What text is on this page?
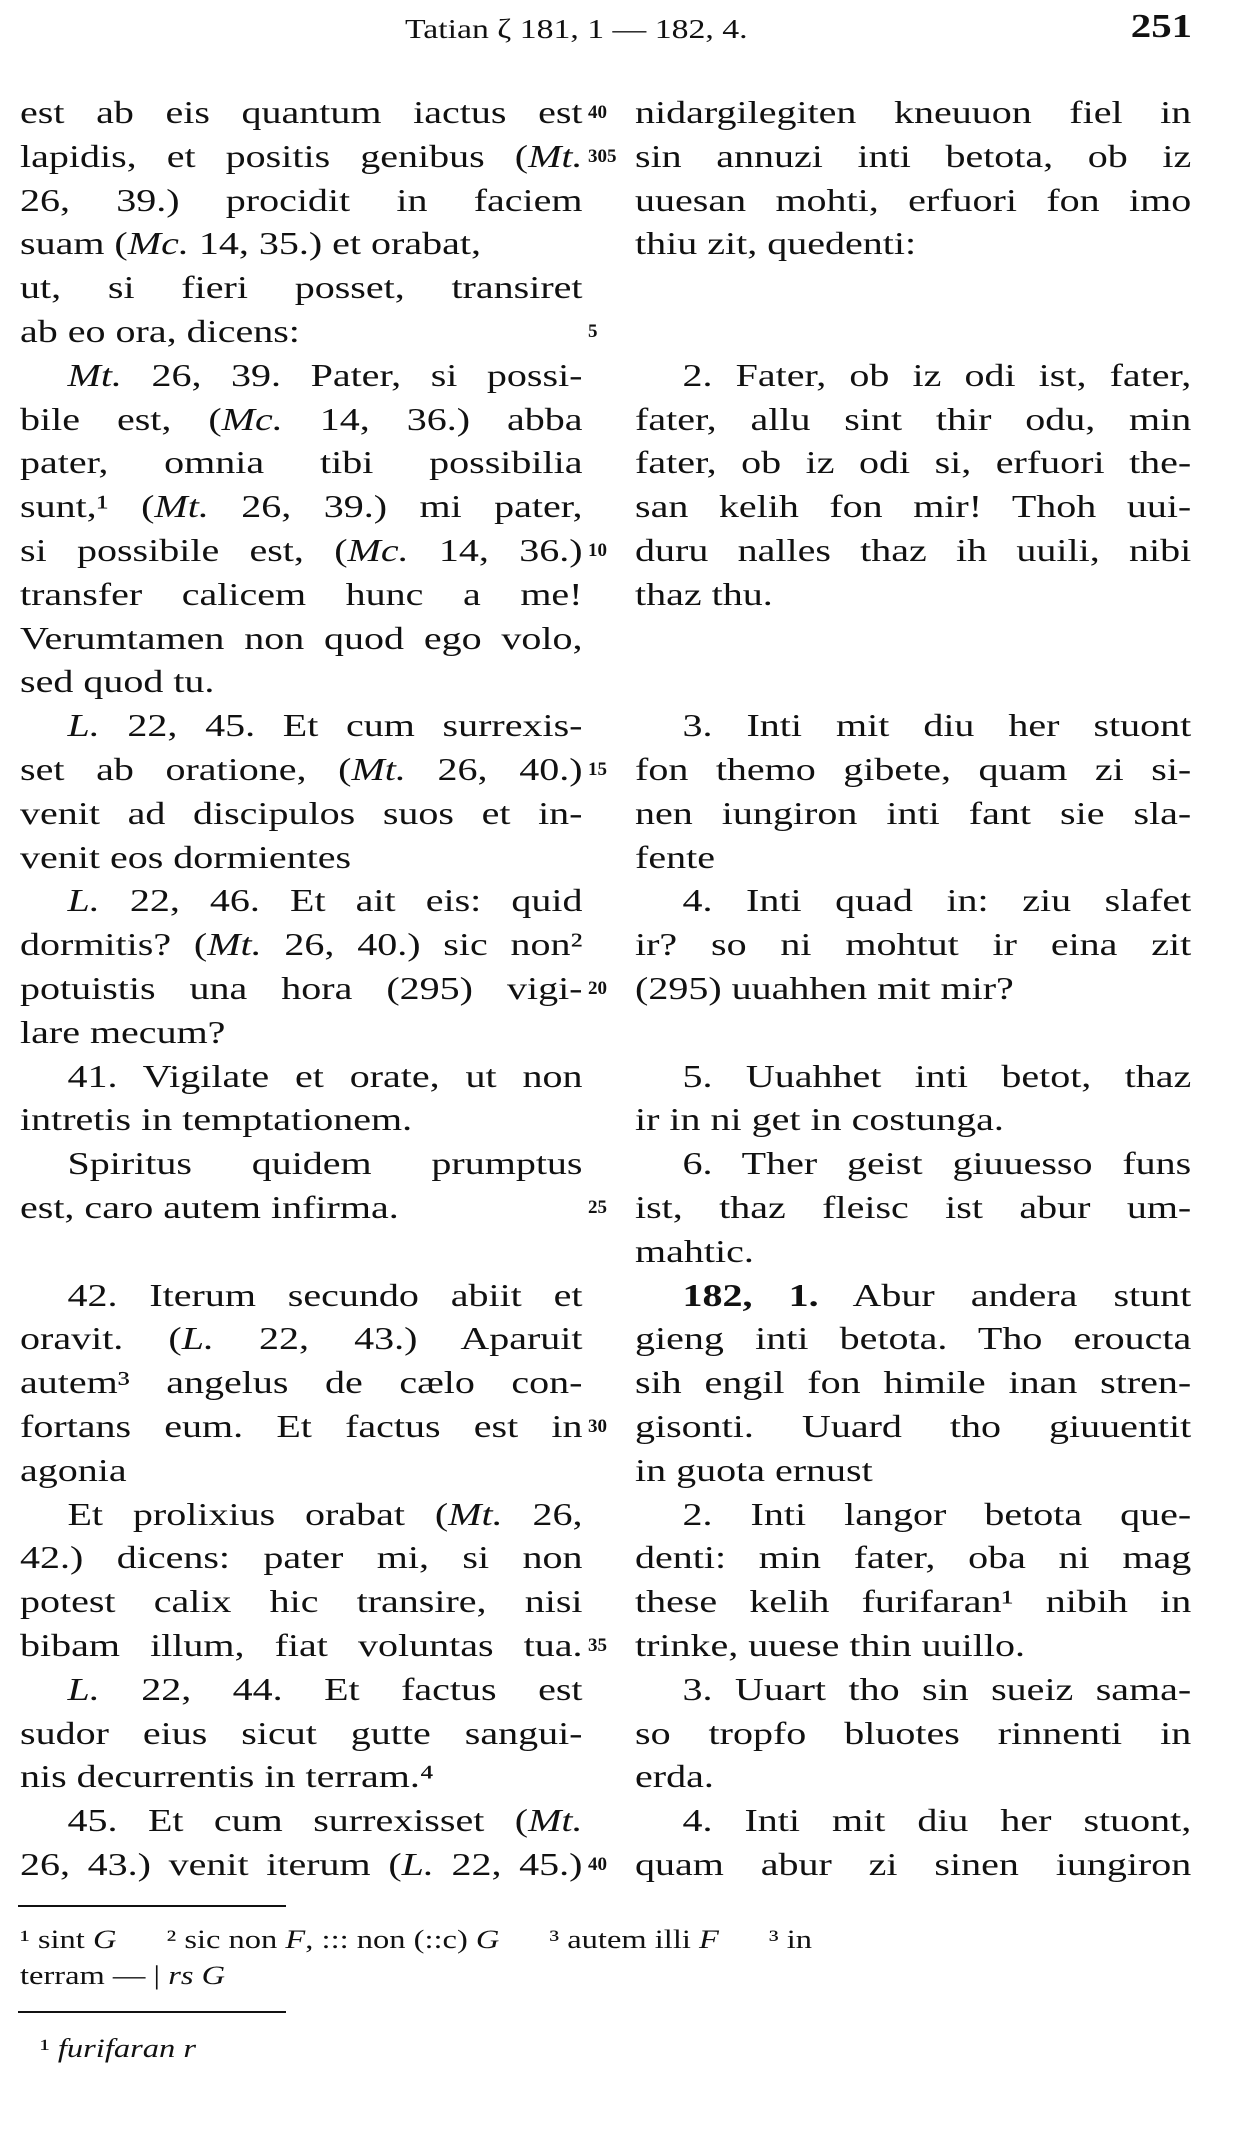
Tatian ζ 181, 1 — 182, 4.	251
est ab eis quantum iactus est nidargilegiten kneuuon fiel in
40
lapidis, et positis genibus (Mt. sin annuzi inti betota, ob iz
305
26, 39.) procidit in faciem uuesan mohti, erfuori fon imo
suam (Mc. 14, 35.) et orabat,	thiu zit, quedenti:
ut, si fieri posset, transiret
ab eo ora, dicens:	5
Mt. 26, 39. Pater, si possi-	2. Fater, ob iz odi ist, fater,
bile est, (Mc. 14, 36.) abba fater, allu sint thir odu, min
pater, omnia tibi possibilia fater, ob iz odi si, erfuori the-
sunt,¹ (Mt. 26, 39.) mi pater, san kelih fon mir! Thoh uui-
si possibile est, (Mc. 14, 36.) duru nalles thaz ih uuili, nibi
10
transfer calicem hunc a me! thaz thu.
Verumtamen non quod ego volo,
sed quod tu.
L. 22, 45. Et cum surrexis-	3. Inti mit diu her stuont
set ab oratione, (Mt. 26, 40.) fon themo gibete, quam zi si-
15
venit ad discipulos suos et in- nen iungiron inti fant sie sla-
venit eos dormientes	fente
L. 22, 46. Et ait eis: quid	4. Inti quad in: ziu slafet
dormitis? (Mt. 26, 40.) sic non² ir? so ni mohtut ir eina zit
potuistis una hora (295) vigi- (295) uuahhen mit mir?
20
lare mecum?
41. Vigilate et orate, ut non	5. Uuahhet inti betot, thaz
intretis in temptationem.	ir in ni get in costunga.
Spiritus quidem prumptus	6. Ther geist giuuesso funs
est, caro autem infirma.	ist, thaz fleisc ist abur um-
25
mahtic.
42. Iterum secundo abiit et	182, 1. Abur andera stunt
oravit. (L. 22, 43.) Aparuit gieng inti betota. Tho eroucta
autem³ angelus de cælo con- sih engil fon himile inan stren-
fortans eum. Et factus est in gisonti. Uuard tho giuuentit
30
agonia	in guota ernust
Et prolixius orabat (Mt. 26,	2. Inti langor betota que-
42.) dicens: pater mi, si non denti: min fater, oba ni mag
potest calix hic transire, nisi these kelih furifaran¹ nibih in
bibam illum, fiat voluntas tua. trinke, uuese thin uuillo.
35
L. 22, 44. Et factus est	3. Uuart tho sin sueiz sama-
sudor eius sicut gutte sangui- so tropfo bluotes rinnenti in
nis decurrentis in terram.⁴	erda.
45. Et cum surrexisset (Mt.	4. Inti mit diu her stuont,
26, 43.) venit iterum (L. 22, 45.) quam abur zi sinen iungiron
40
¹ sint G ² sic non F, ::: non (::c) G ³ autem illi F ³ in
terram — | rs G
¹ furifaran r
